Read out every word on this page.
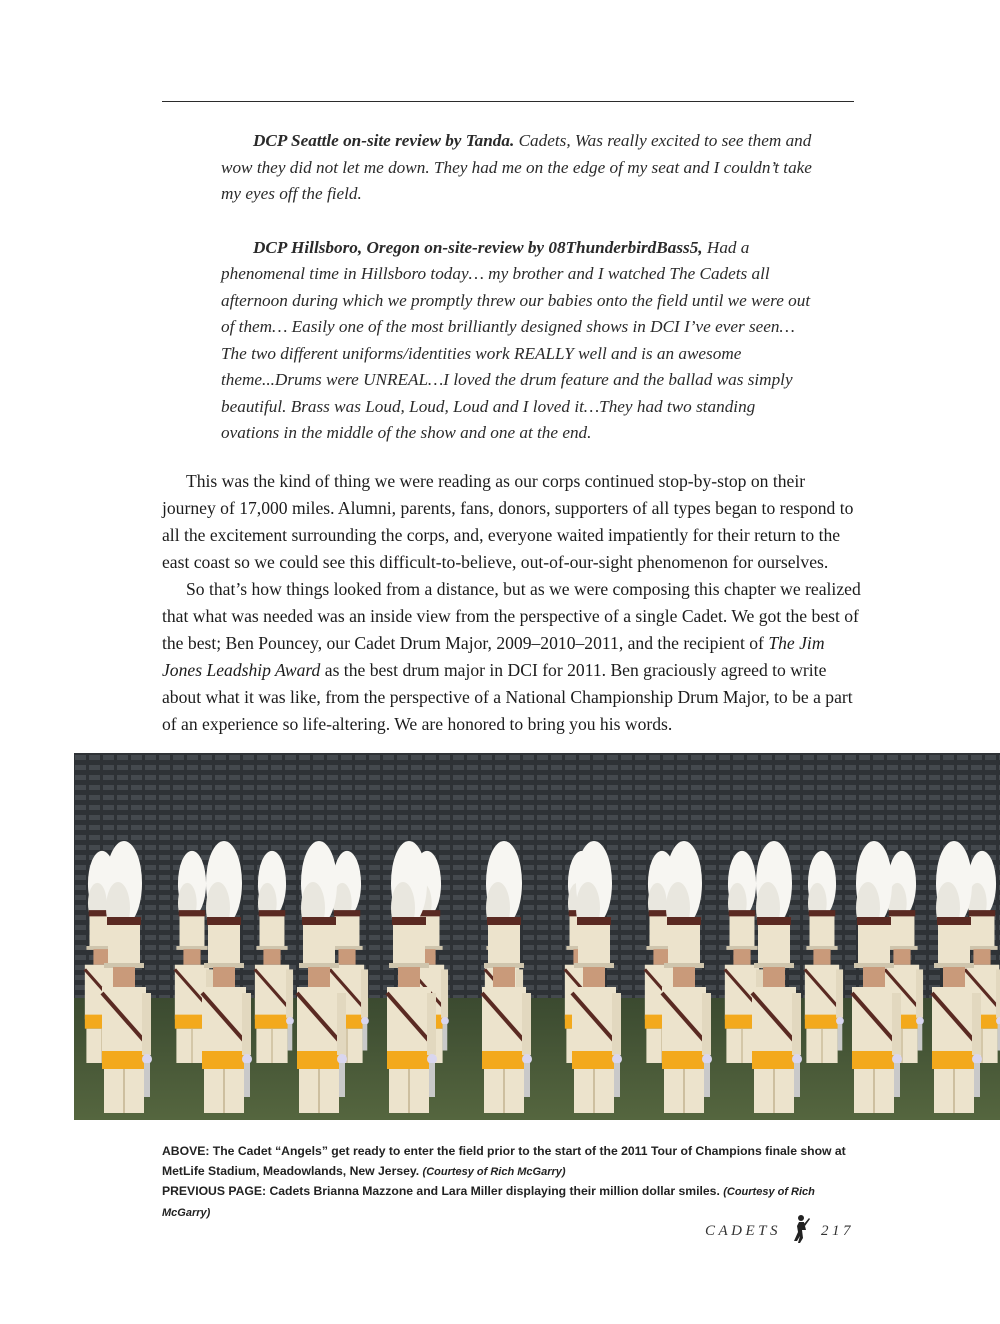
DCP Seattle on-site review by Tanda. Cadets, Was really excited to see them and wow they did not let me down. They had me on the edge of my seat and I couldn’t take my eyes off the field.

DCP Hillsboro, Oregon on-site-review by 08ThunderbirdBass5, Had a phenomenal time in Hillsboro today… my brother and I watched The Cadets all afternoon during which we promptly threw our babies onto the field until we were out of them… Easily one of the most brilliantly designed shows in DCI I’ve ever seen…The two different uniforms/identities work REALLY well and is an awesome theme...Drums were UNREAL…I loved the drum feature and the ballad was simply beautiful. Brass was Loud, Loud, Loud and I loved it…They had two standing ovations in the middle of the show and one at the end.

This was the kind of thing we were reading as our corps continued stop-by-stop on their journey of 17,000 miles. Alumni, parents, fans, donors, supporters of all types began to respond to all the excitement surrounding the corps, and, everyone waited impatiently for their return to the east coast so we could see this difficult-to-believe, out-of-our-sight phenomenon for ourselves.

So that’s how things looked from a distance, but as we were composing this chapter we realized that what was needed was an inside view from the perspective of a single Cadet. We got the best of the best; Ben Pouncey, our Cadet Drum Major, 2009–2010–2011, and the recipient of The Jim Jones Leadship Award as the best drum major in DCI for 2011. Ben graciously agreed to write about what it was like, from the perspective of a National Championship Drum Major, to be a part of an experience so life-altering. We are honored to bring you his words.

ABOVE: The Cadet “Angels” get ready to enter the field prior to the start of the 2011 Tour of Champions finale show at MetLife Stadium, Meadowlands, New Jersey. (Courtesy of Rich McGarry)
PREVIOUS PAGE: Cadets Brianna Mazzone and Lara Miller displaying their million dollar smiles. (Courtesy of Rich McGarry)
CADETS	217
